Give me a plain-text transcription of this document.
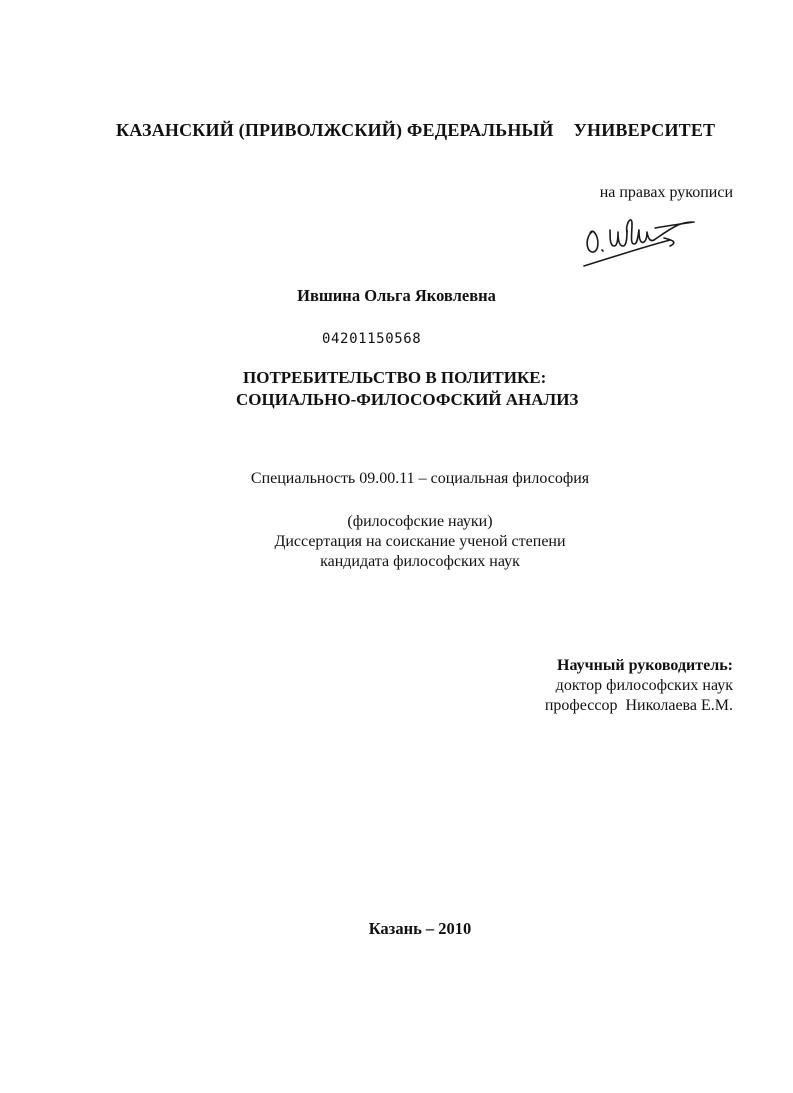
КАЗАНСКИЙ (ПРИВОЛЖСКИЙ) ФЕДЕРАЛЬНЫЙ УНИВЕРСИТЕТ
на правах рукописи
Ившина Ольга Яковлевна
04201150568
ПОТРЕБИТЕЛЬСТВО В ПОЛИТИКЕ:
СОЦИАЛЬНО-ФИЛОСОФСКИЙ АНАЛИЗ
Специальность 09.00.11 – социальная философия
(философские науки)
Диссертация на соискание ученой степени
кандидата философских наук
Научный руководитель:
доктор философских наук
профессор  Николаева Е.М.
Казань – 2010
